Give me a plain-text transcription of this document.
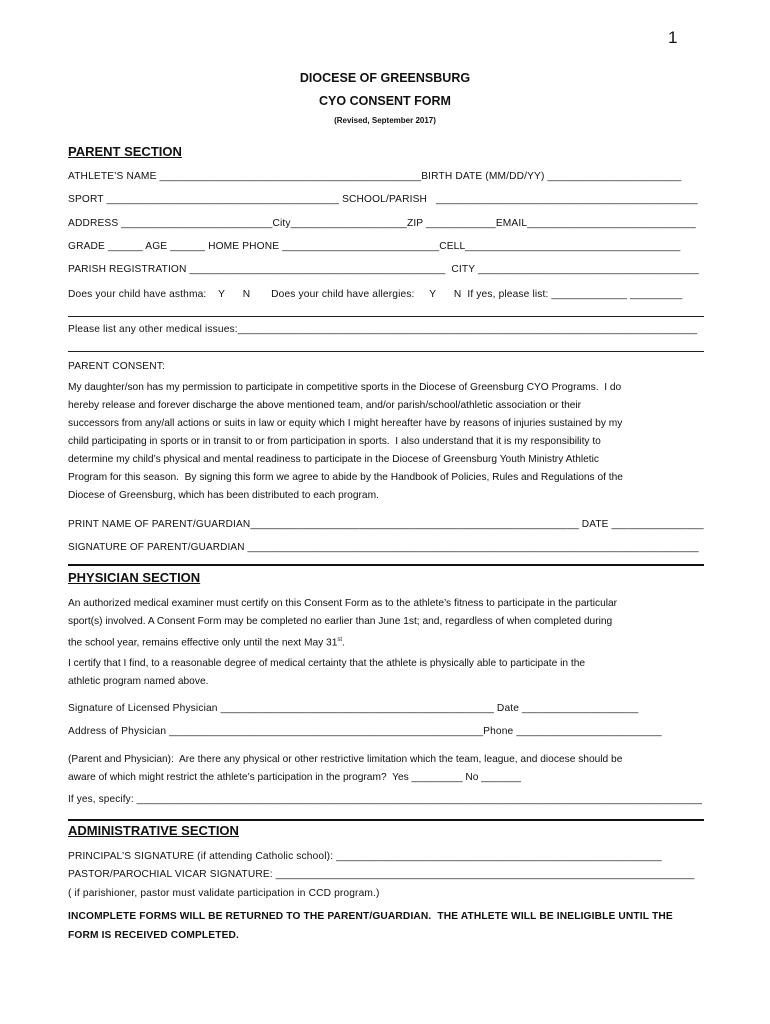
1
DIOCESE OF GREENSBURG
CYO CONSENT FORM
(Revised, September 2017)
PARENT SECTION
ATHLETE’S NAME _____________________________________________BIRTH DATE (MM/DD/YY) _______________________
SPORT ________________________________________ SCHOOL/PARISH   _____________________________________________
ADDRESS __________________________City____________________ZIP ____________EMAIL_____________________________
GRADE ______ AGE ______ HOME PHONE ___________________________CELL_____________________________________
PARISH REGISTRATION ____________________________________________  CITY ______________________________________
Does your child have asthma:    Y      N       Does your child have allergies:     Y      N  If yes, please list: _____________ _________
Please list any other medical issues:_______________________________________________________________________________
PARENT CONSENT:
My daughter/son has my permission to participate in competitive sports in the Diocese of Greensburg CYO Programs.  I do
hereby release and forever discharge the above mentioned team, and/or parish/school/athletic association or their
successors from any/all actions or suits in law or equity which I might hereafter have by reasons of injuries sustained by my
child participating in sports or in transit to or from participation in sports.  I also understand that it is my responsibility to
determine my child’s physical and mental readiness to participate in the Diocese of Greensburg Youth Ministry Athletic
Program for this season.  By signing this form we agree to abide by the Handbook of Policies, Rules and Regulations of the
Diocese of Greensburg, which has been distributed to each program.
PRINT NAME OF PARENT/GUARDIAN_________________________________________________________ DATE ________________
SIGNATURE OF PARENT/GUARDIAN _______________________________________________________________________________
PHYSICIAN SECTION
An authorized medical examiner must certify on this Consent Form as to the athlete’s fitness to participate in the particular
sport(s) involved. A Consent Form may be completed no earlier than June 1st; and, regardless of when completed during
the school year, remains effective only until the next May 31st.
I certify that I find, to a reasonable degree of medical certainty that the athlete is physically able to participate in the
athletic program named above.
Signature of Licensed Physician _______________________________________________ Date ____________________
Address of Physician ______________________________________________________Phone _________________________
(Parent and Physician):  Are there any physical or other restrictive limitation which the team, league, and diocese should be
aware of which might restrict the athlete’s participation in the program?  Yes _________ No _______
If yes, specify: ___________________________________________________________________________________________________
ADMINISTRATIVE SECTION
PRINCIPAL’S SIGNATURE (if attending Catholic school): ________________________________________________________
PASTOR/PAROCHIAL VICAR SIGNATURE: ________________________________________________________________________
( if parishioner, pastor must validate participation in CCD program.)
INCOMPLETE FORMS WILL BE RETURNED TO THE PARENT/GUARDIAN.  THE ATHLETE WILL BE INELIGIBLE UNTIL THE
FORM IS RECEIVED COMPLETED.
